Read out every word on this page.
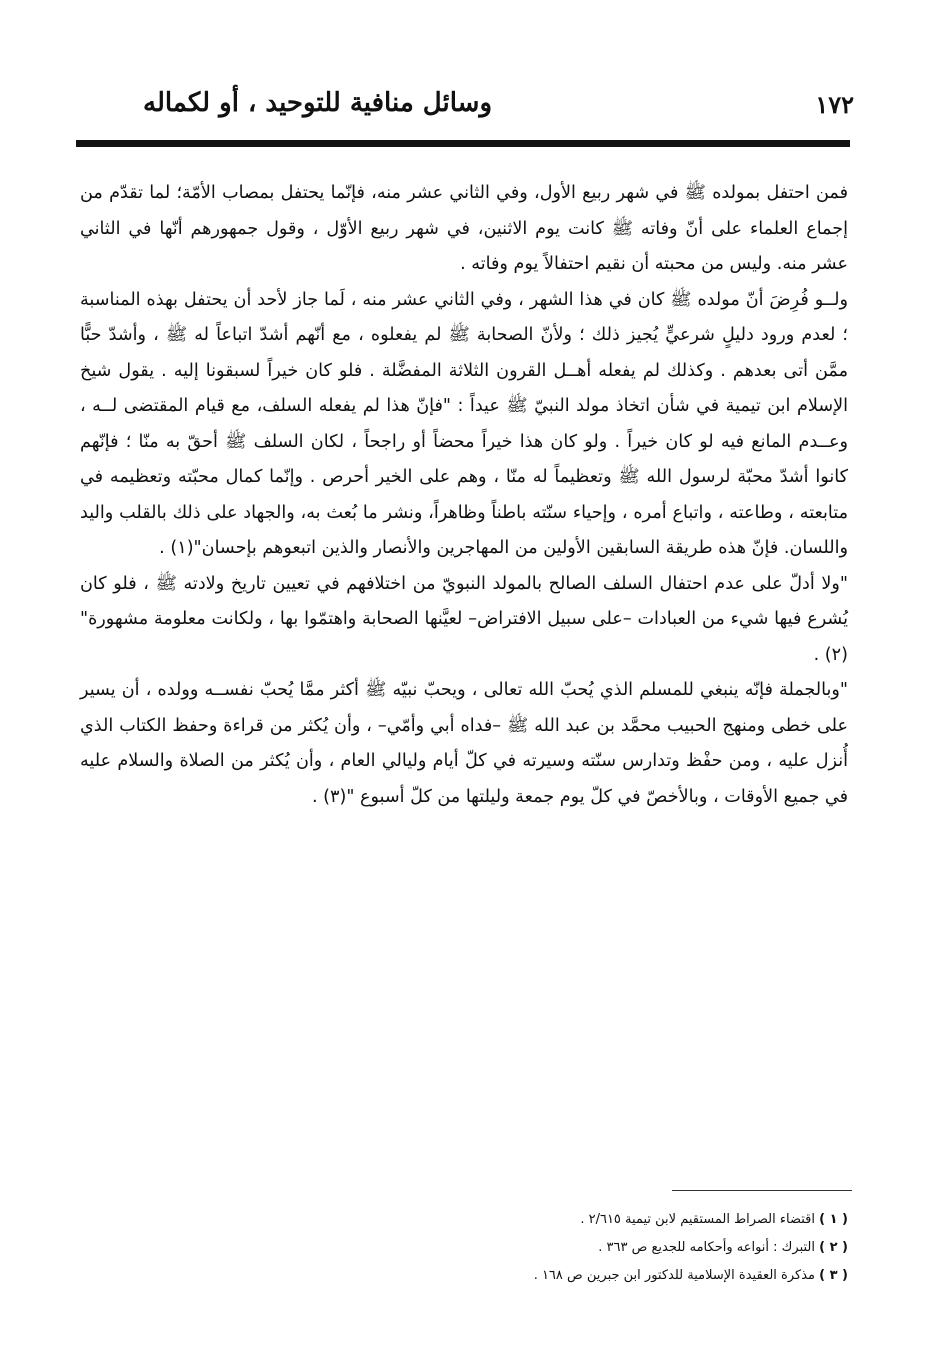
١٧٢
وسائل منافية للتوحيد ، أو لكماله

فمن احتفل بمولده ﷺ في شهر ربيع الأول، وفي الثاني عشر منه، فإنّما يحتفل بمصاب الأمّة؛ لما تقدّم من إجماع العلماء على أنّ وفاته ﷺ كانت يوم الاثنين، في شهر ربيع الأوّل ، وقول جمهورهم أنّها في الثاني عشر منه. وليس من محبته أن نقيم احتفالاً يوم وفاته .

ولــو فُرِضَ أنّ مولده ﷺ كان في هذا الشهر ، وفي الثاني عشر منه ، لَما جاز لأحد أن يحتفل بهذه المناسبة ؛ لعدم ورود دليلٍ شرعيٍّ يُجيز ذلك ؛ ولأنّ الصحابة ﷺ لم يفعلوه ، مع أنّهم أشدّ اتباعاً له ﷺ ، وأشدّ حبًّا ممَّن أتى بعدهم . وكذلك لم يفعله أهــل القرون الثلاثة المفضَّلة . فلو كان خيراً لسبقونا إليه . يقول شيخ الإسلام ابن تيمية في شأن اتخاذ مولد النبيّ ﷺ عيداً : "فإنّ هذا لم يفعله السلف، مع قيام المقتضى لــه ، وعــدم المانع فيه لو كان خيراً . ولو كان هذا خيراً محضاً أو راجحاً ، لكان السلف ﷺ أحقّ به منّا ؛ فإنّهم كانوا أشدّ محبّة لرسول الله ﷺ وتعظيماً له منّا ، وهم على الخير أحرص . وإنّما كمال محبّته وتعظيمه في متابعته ، وطاعته ، واتباع أمره ، وإحياء سنّته باطناً وظاهراً، ونشر ما بُعث به، والجهاد على ذلك بالقلب واليد واللسان. فإنّ هذه طريقة السابقين الأولين من المهاجرين والأنصار والذين اتبعوهم بإحسان"(١) .

"ولا أدلّ على عدم احتفال السلف الصالح بالمولد النبويّ من اختلافهم في تعيين تاريخ ولادته ﷺ ، فلو كان يُشرع فيها شيء من العبادات –على سبيل الافتراض– لعيَّنها الصحابة واهتمّوا بها ، ولكانت معلومة مشهورة"(٢) .

"وبالجملة فإنّه ينبغي للمسلم الذي يُحبّ الله تعالى ، ويحبّ نبيّه ﷺ أكثر ممَّا يُحبّ نفســه وولده ، أن يسير على خطى ومنهج الحبيب محمَّد بن عبد الله ﷺ –فداه أبي وأمّي– ، وأن يُكثر من قراءة وحفظ الكتاب الذي أُنزل عليه ، ومن حفْظ وتدارس سنّته وسيرته في كلّ أيام وليالي العام ، وأن يُكثر من الصلاة والسلام عليه في جميع الأوقات ، وبالأخصّ في كلّ يوم جمعة وليلتها من كلّ أسبوع "(٣) .

( ١ ) اقتضاء الصراط المستقيم لابن تيمية ٢/٦١٥ .
( ٢ ) التبرك : أنواعه وأحكامه للجديع ص ٣٦٣ .
( ٣ ) مذكرة العقيدة الإسلامية للدكتور ابن جبرين ص ١٦٨ .
